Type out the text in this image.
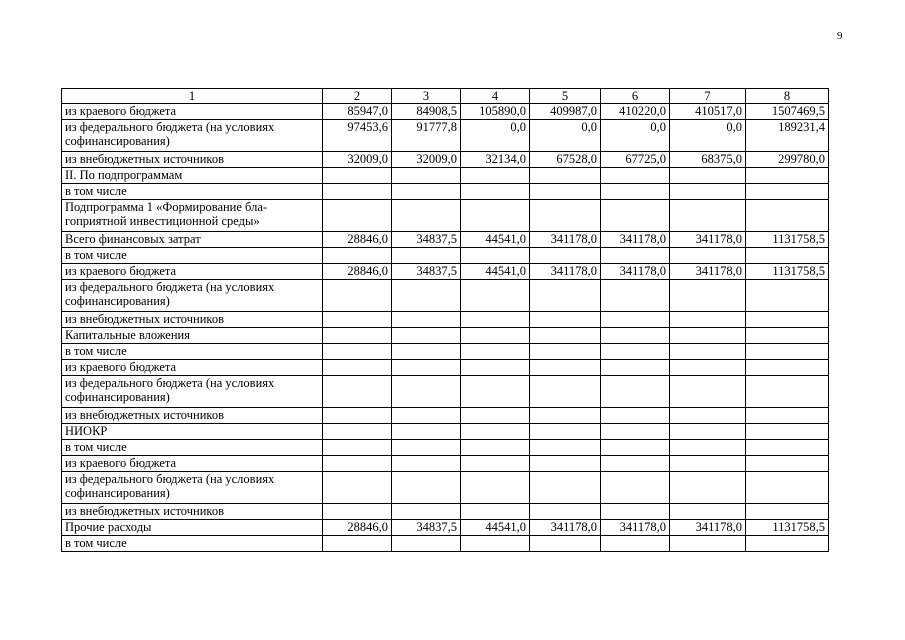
9
1	2	3	4	5	6	7	8
из краевого бюджета	85947,0	84908,5	105890,0	409987,0	410220,0	410517,0	1507469,5
из федерального бюджета (на условиях софинансирования)	97453,6	91777,8	0,0	0,0	0,0	0,0	189231,4
из внебюджетных источников	32009,0	32009,0	32134,0	67528,0	67725,0	68375,0	299780,0
II. По подпрограммам							
в том числе							
Подпрограмма 1 «Формирование бла-гоприятной инвестиционной среды»							
Всего финансовых затрат	28846,0	34837,5	44541,0	341178,0	341178,0	341178,0	1131758,5
в том числе							
из краевого бюджета	28846,0	34837,5	44541,0	341178,0	341178,0	341178,0	1131758,5
из федерального бюджета (на условиях софинансирования)							
из внебюджетных источников							
Капитальные вложения							
в том числе							
из краевого бюджета							
из федерального бюджета (на условиях софинансирования)							
из внебюджетных источников							
НИОКР							
в том числе							
из краевого бюджета							
из федерального бюджета (на условиях софинансирования)							
из внебюджетных источников							
Прочие расходы	28846,0	34837,5	44541,0	341178,0	341178,0	341178,0	1131758,5
в том числе							
